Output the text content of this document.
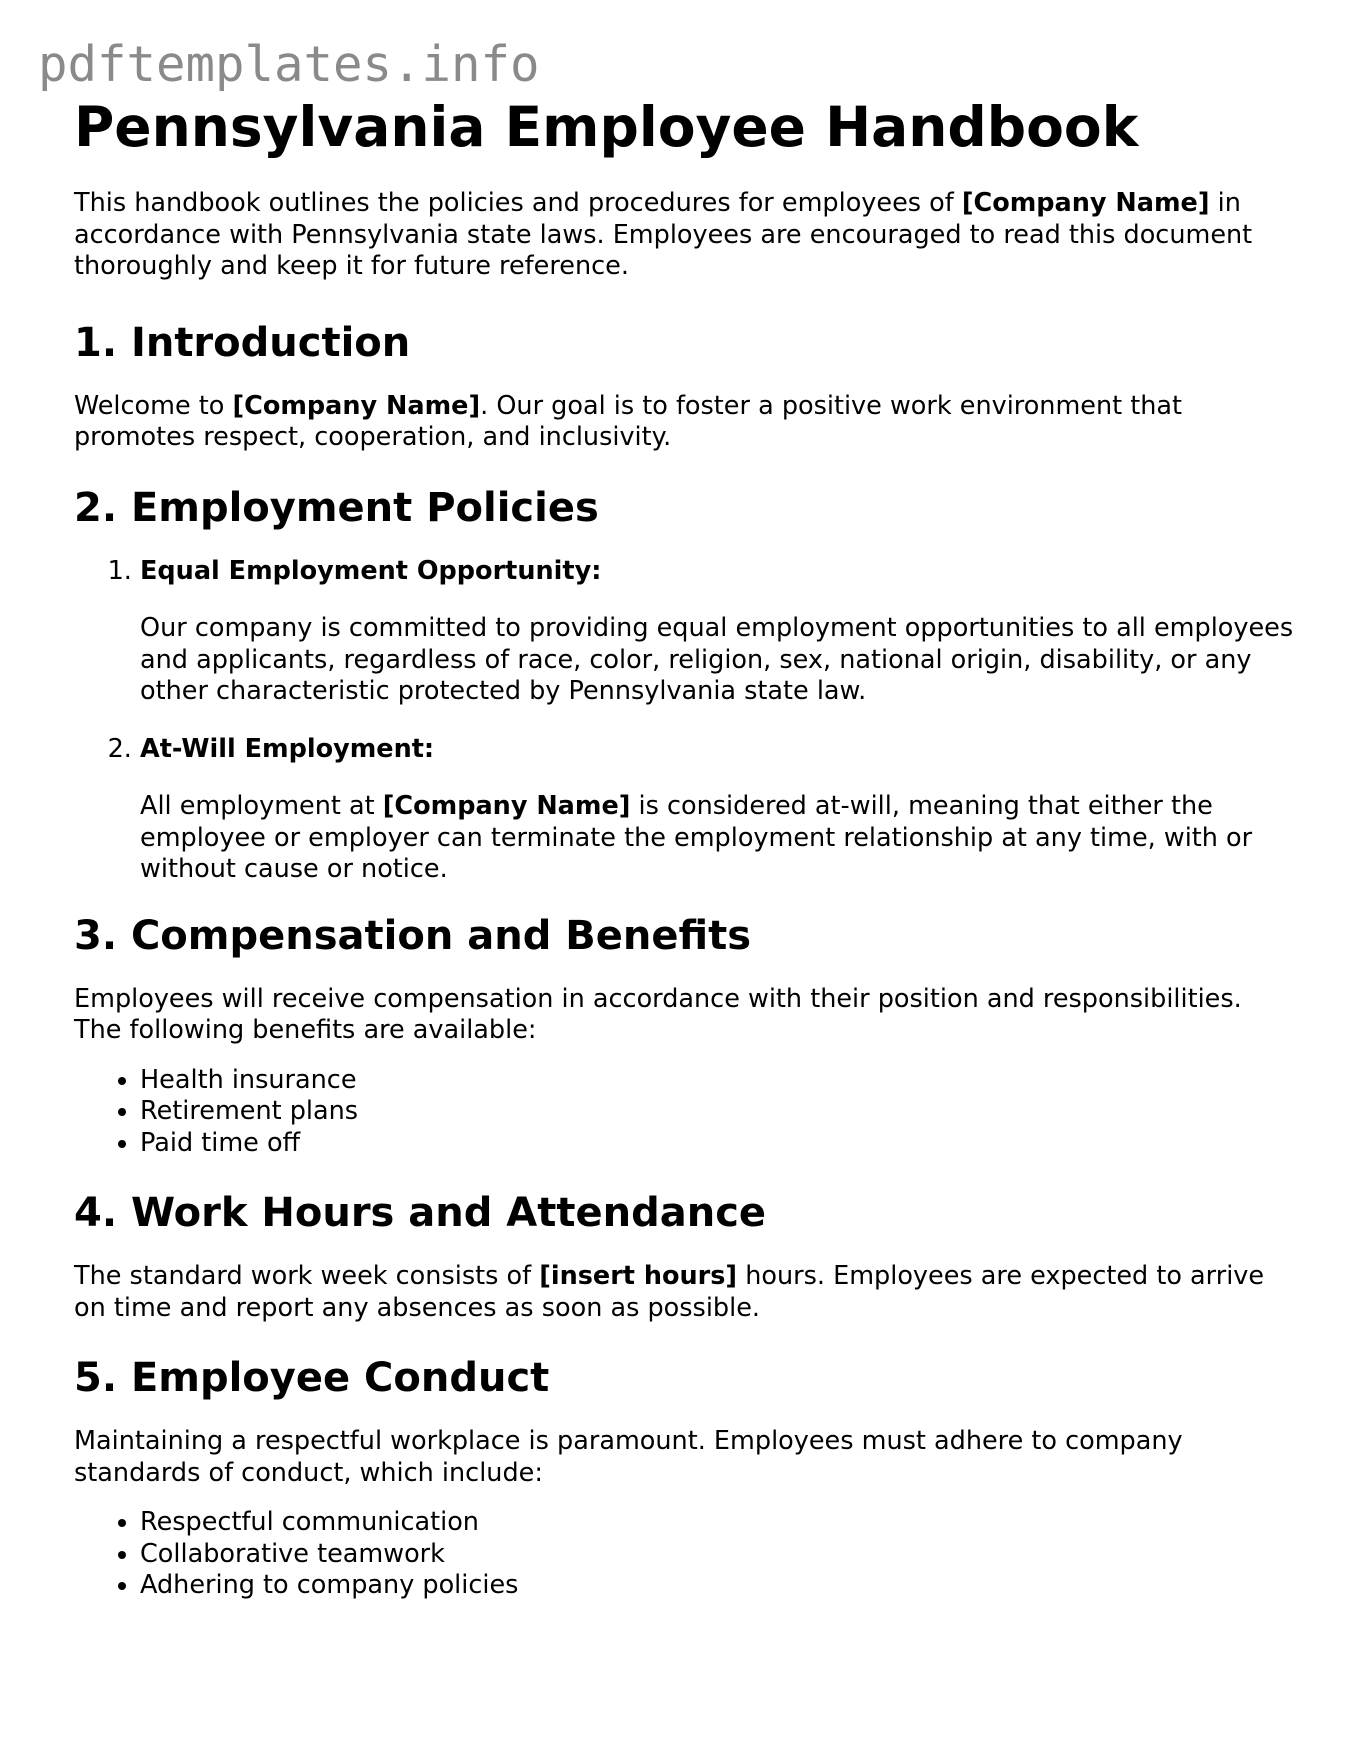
pdftemplates.info
Pennsylvania Employee Handbook

This handbook outlines the policies and procedures for employees of [Company Name] in accordance with Pennsylvania state laws. Employees are encouraged to read this document thoroughly and keep it for future reference.

1. Introduction

Welcome to [Company Name]. Our goal is to foster a positive work environment that promotes respect, cooperation, and inclusivity.

2. Employment Policies
1. Equal Employment Opportunity:

Our company is committed to providing equal employment opportunities to all employees and applicants, regardless of race, color, religion, sex, national origin, disability, or any other characteristic protected by Pennsylvania state law.

2. At-Will Employment:

All employment at [Company Name] is considered at-will, meaning that either the employee or employer can terminate the employment relationship at any time, with or without cause or notice.

3. Compensation and Benefits

Employees will receive compensation in accordance with their position and responsibilities. The following benefits are available:

• Health insurance
• Retirement plans
• Paid time off
4. Work Hours and Attendance

The standard work week consists of [insert hours] hours. Employees are expected to arrive on time and report any absences as soon as possible.

5. Employee Conduct

Maintaining a respectful workplace is paramount. Employees must adhere to company standards of conduct, which include:

• Respectful communication
• Collaborative teamwork
• Adhering to company policies
